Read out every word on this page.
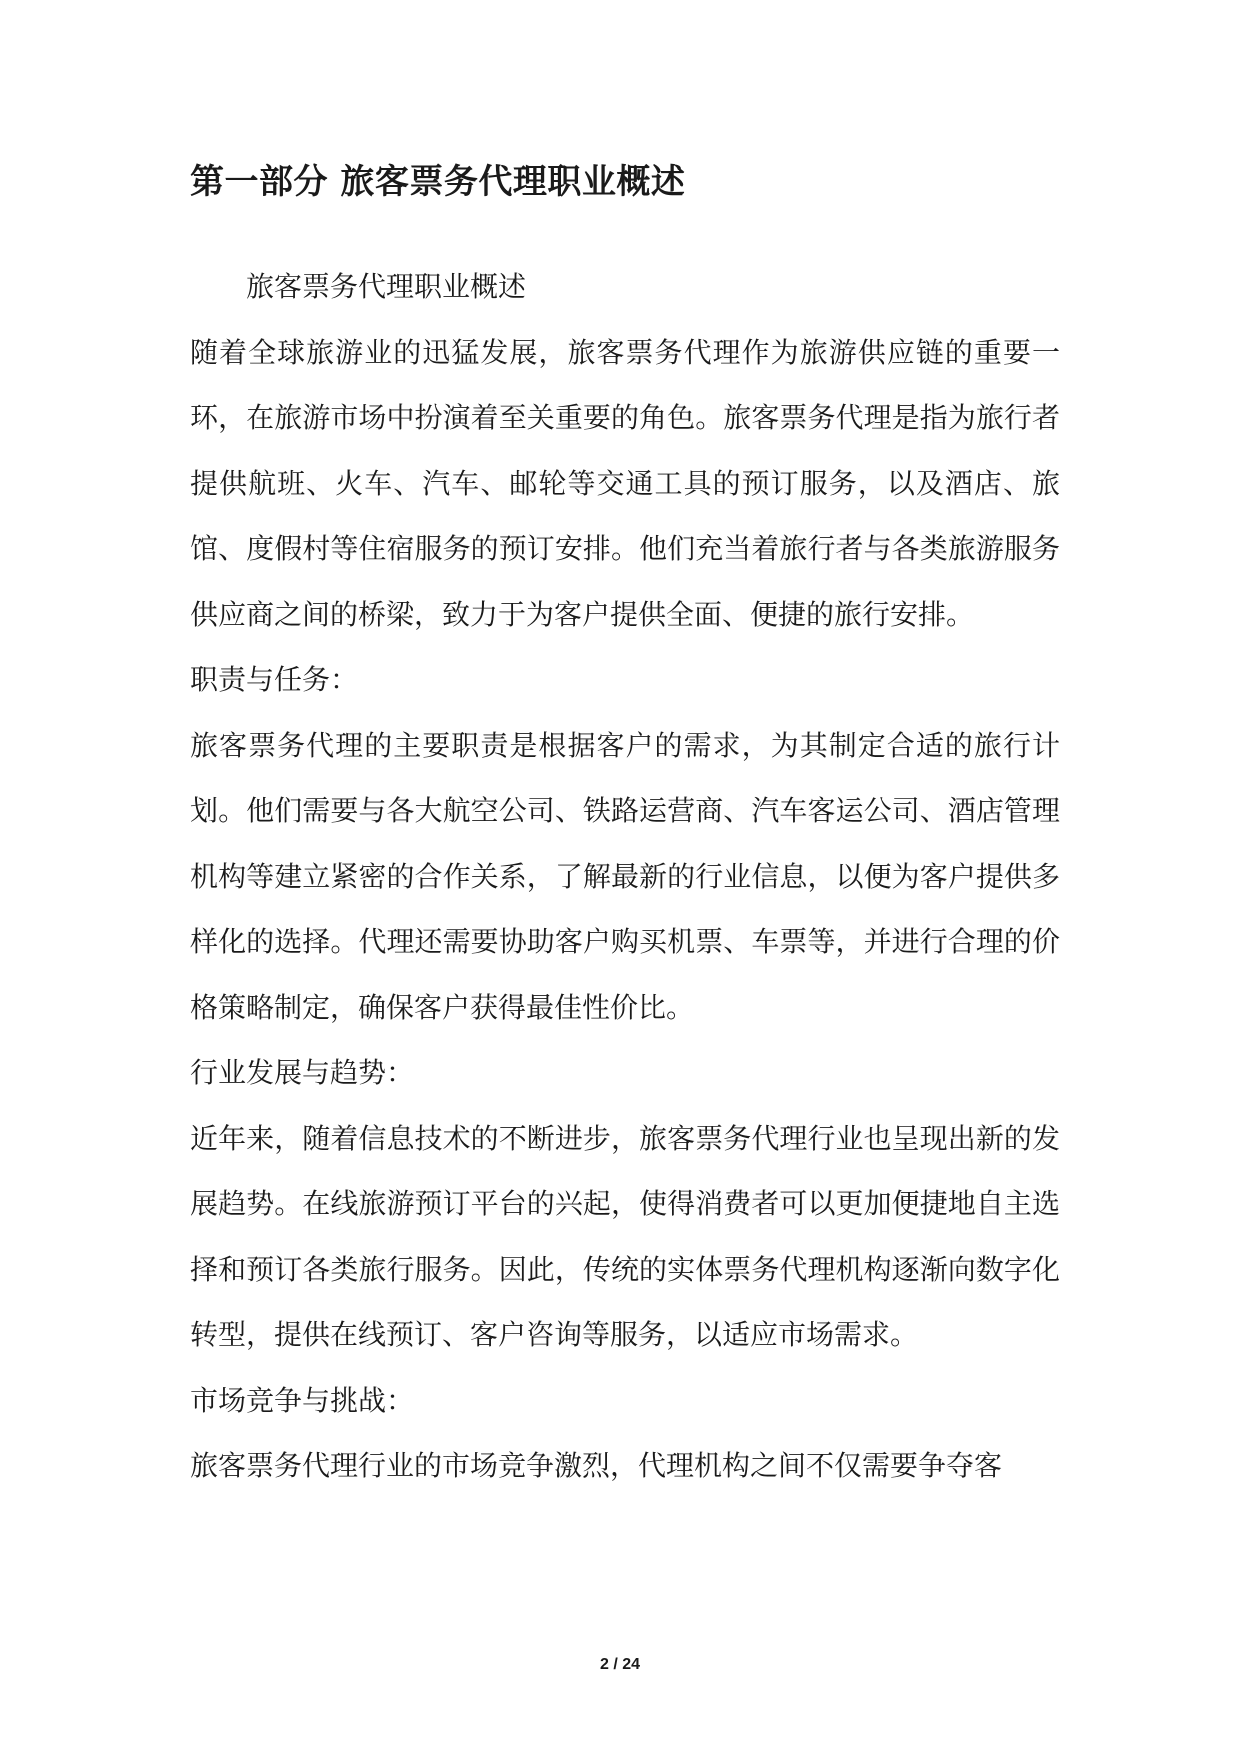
第一部分 旅客票务代理职业概述

旅客票务代理职业概述

随着全球旅游业的迅猛发展，旅客票务代理作为旅游供应链的重要一环，在旅游市场中扮演着至关重要的角色。旅客票务代理是指为旅行者提供航班、火车、汽车、邮轮等交通工具的预订服务，以及酒店、旅馆、度假村等住宿服务的预订安排。他们充当着旅行者与各类旅游服务供应商之间的桥梁，致力于为客户提供全面、便捷的旅行安排。

职责与任务：

旅客票务代理的主要职责是根据客户的需求，为其制定合适的旅行计划。他们需要与各大航空公司、铁路运营商、汽车客运公司、酒店管理机构等建立紧密的合作关系，了解最新的行业信息，以便为客户提供多样化的选择。代理还需要协助客户购买机票、车票等，并进行合理的价格策略制定，确保客户获得最佳性价比。

行业发展与趋势：

近年来，随着信息技术的不断进步，旅客票务代理行业也呈现出新的发展趋势。在线旅游预订平台的兴起，使得消费者可以更加便捷地自主选择和预订各类旅行服务。因此，传统的实体票务代理机构逐渐向数字化转型，提供在线预订、客户咨询等服务，以适应市场需求。

市场竞争与挑战：

旅客票务代理行业的市场竞争激烈，代理机构之间不仅需要争夺客

2 / 24
